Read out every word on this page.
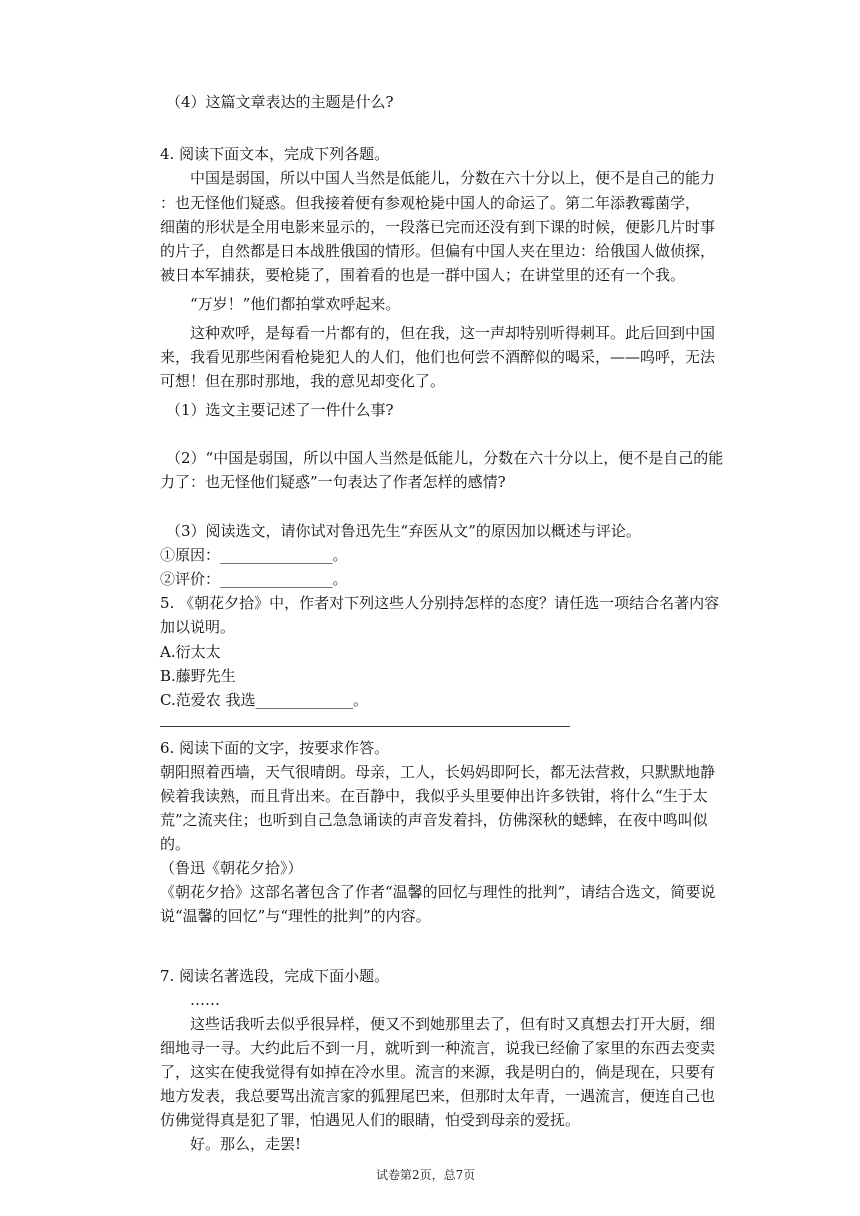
（4）这篇文章表达的主题是什么?
4. 阅读下面文本，完成下列各题。
中国是弱国，所以中国人当然是低能儿，分数在六十分以上，便不是自己的能力
：也无怪他们疑惑。但我接着便有参观枪毙中国人的命运了。第二年添教霉菌学，
细菌的形状是全用电影来显示的，一段落已完而还没有到下课的时候，便影几片时事
的片子，自然都是日本战胜俄国的情形。但偏有中国人夹在里边：给俄国人做侦探，
被日本军捕获，要枪毙了，围着看的也是一群中国人；在讲堂里的还有一个我。
“万岁！”他们都拍掌欢呼起来。
这种欢呼，是每看一片都有的，但在我，这一声却特别听得刺耳。此后回到中国
来，我看见那些闲看枪毙犯人的人们，他们也何尝不酒醉似的喝采，——呜呼，无法
可想！但在那时那地，我的意见却变化了。
（1）选文主要记述了一件什么事?
（2）“中国是弱国，所以中国人当然是低能儿，分数在六十分以上，便不是自己的能
力了：也无怪他们疑惑”一句表达了作者怎样的感情?
（3）阅读选文，请你试对鲁迅先生“弃医从文”的原因加以概述与评论。
①原因：_______________。
②评价：_______________。
5. 《朝花夕拾》中，作者对下列这些人分别持怎样的态度？请任选一项结合名著内容
加以说明。
A.衍太太
B.藤野先生
C.范爱农 我选_____________。
6. 阅读下面的文字，按要求作答。
朝阳照着西墙，天气很晴朗。母亲，工人，长妈妈即阿长，都无法营救，只默默地静
候着我读熟，而且背出来。在百静中，我似乎头里要伸出许多铁钳，将什么“生于太
荒”之流夹住；也听到自己急急诵读的声音发着抖，仿佛深秋的蟋蟀，在夜中鸣叫似
的。
（鲁迅《朝花夕拾》）
《朝花夕拾》这部名著包含了作者“温馨的回忆与理性的批判”，请结合选文，简要说
说“温馨的回忆”与“理性的批判”的内容。
7. 阅读名著选段，完成下面小题。
……
这些话我听去似乎很异样，便又不到她那里去了，但有时又真想去打开大厨，细
细地寻一寻。大约此后不到一月，就听到一种流言，说我已经偷了家里的东西去变卖
了，这实在使我觉得有如掉在冷水里。流言的来源，我是明白的，倘是现在，只要有
地方发表，我总要骂出流言家的狐狸尾巴来，但那时太年青，一遇流言，便连自己也
仿佛觉得真是犯了罪，怕遇见人们的眼睛，怕受到母亲的爱抚。
好。那么，走罢!
试卷第2页，总7页
